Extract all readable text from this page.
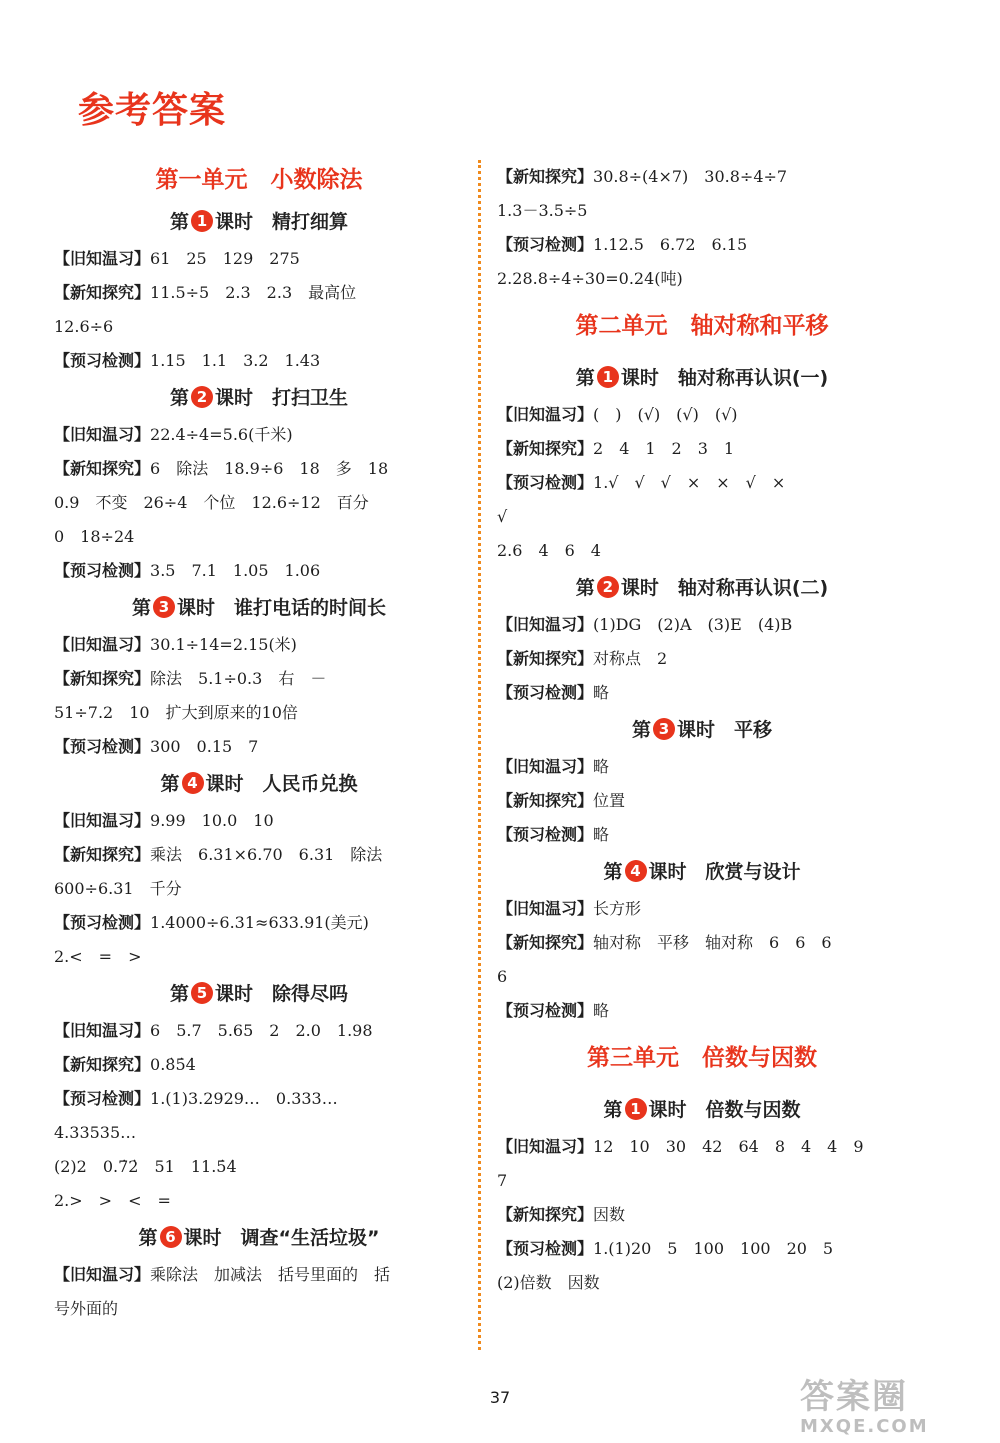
参考答案
第一单元　小数除法
第 1 课时　精打细算
【旧知温习】61　25　129　275
【新知探究】11.5÷5　2.3　2.3　最高位
12.6÷6
【预习检测】1.15　1.1　3.2　1.43
第 2 课时　打扫卫生
【旧知温习】22.4÷4=5.6(千米)
【新知探究】6　除法　18.9÷6　18　多　18
0.9　不变　26÷4　个位　12.6÷12　百分
0　18÷24
【预习检测】3.5　7.1　1.05　1.06
第 3 课时　谁打电话的时间长
【旧知温习】30.1÷14=2.15(米)
【新知探究】除法　5.1÷0.3　右　－
51÷7.2　10　扩大到原来的10倍
【预习检测】300　0.15　7
第 4 课时　人民币兑换
【旧知温习】9.99　10.0　10
【新知探究】乘法　6.31×6.70　6.31　除法
600÷6.31　千分
【预习检测】1.4000÷6.31≈633.91(美元)
2.<　=　>
第 5 课时　除得尽吗
【旧知温习】6　5.7　5.65　2　2.0　1.98
【新知探究】0.8̇5̇4̇
【预习检测】1.(1)3.2929…　0.333…
4.33535…
(2)2　0.7̇2̇　51　11.5̇4̇
2.>　>　<　=
第 6 课时　调查“生活垃圾”
【旧知温习】乘除法　加减法　括号里面的　括
号外面的
【新知探究】30.8÷(4×7)　30.8÷4÷7
1.3－3.5÷5
【预习检测】1.12.5　6.72　6.15
2.28.8÷4÷30=0.24(吨)
第二单元　轴对称和平移
第 1 课时　轴对称再认识(一)
【旧知温习】(　)　(√)　(√)　(√)
【新知探究】2　4　1　2　3　1
【预习检测】1.√　√　√　×　×　√　×
√
2.6　4　6　4
第 2 课时　轴对称再认识(二)
【旧知温习】(1)DG　(2)A　(3)E　(4)B
【新知探究】对称点　2
【预习检测】略
第 3 课时　平移
【旧知温习】略
【新知探究】位置
【预习检测】略
第 4 课时　欣赏与设计
【旧知温习】长方形
【新知探究】轴对称　平移　轴对称　6　6　6
6
【预习检测】略
第三单元　倍数与因数
第 1 课时　倍数与因数
【旧知温习】12　10　30　42　64　8　4　4　9
7
【新知探究】因数
【预习检测】1.(1)20　5　100　100　20　5
(2)倍数　因数
37	答案圈
MXQE.COM
